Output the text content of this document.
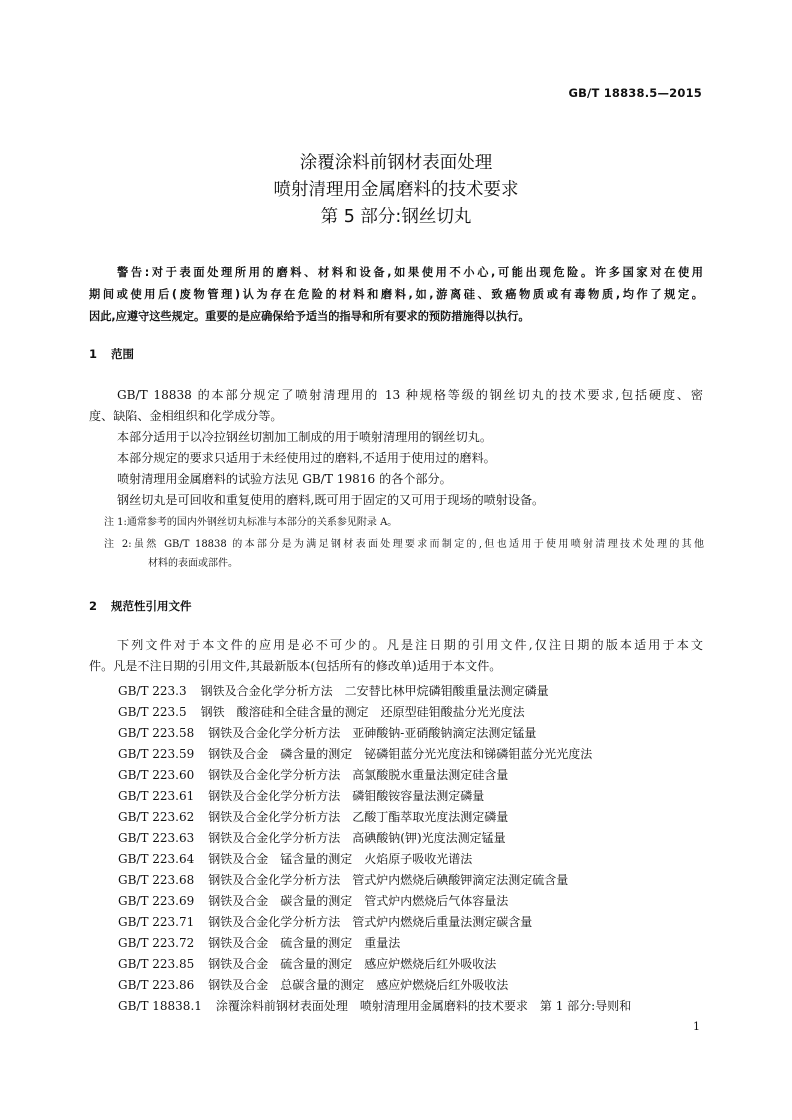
GB/T 18838.5—2015
涂覆涂料前钢材表面处理
喷射清理用金属磨料的技术要求
第 5 部分:钢丝切丸
警告:对于表面处理所用的磨料、材料和设备,如果使用不小心,可能出现危险。许多国家对在使用
期间或使用后(废物管理)认为存在危险的材料和磨料,如,游离硅、致癌物质或有毒物质,均作了规定。
因此,应遵守这些规定。重要的是应确保给予适当的指导和所有要求的预防措施得以执行。
1 范围
GB/T 18838 的本部分规定了喷射清理用的 13 种规格等级的钢丝切丸的技术要求,包括硬度、密
度、缺陷、金相组织和化学成分等。
本部分适用于以冷拉钢丝切割加工制成的用于喷射清理用的钢丝切丸。
本部分规定的要求只适用于未经使用过的磨料,不适用于使用过的磨料。
喷射清理用金属磨料的试验方法见 GB/T 19816 的各个部分。
钢丝切丸是可回收和重复使用的磨料,既可用于固定的又可用于现场的喷射设备。
注 1:通常参考的国内外钢丝切丸标准与本部分的关系参见附录 A。
注 2:虽然 GB/T 18838 的本部分是为满足钢材表面处理要求而制定的,但也适用于使用喷射清理技术处理的其他
材料的表面或部件。
2 规范性引用文件
下列文件对于本文件的应用是必不可少的。凡是注日期的引用文件,仅注日期的版本适用于本文
件。凡是不注日期的引用文件,其最新版本(包括所有的修改单)适用于本文件。
GB/T 223.3 钢铁及合金化学分析方法　二安替比林甲烷磷钼酸重量法测定磷量
GB/T 223.5 钢铁　酸溶硅和全硅含量的测定　还原型硅钼酸盐分光光度法
GB/T 223.58 钢铁及合金化学分析方法　亚砷酸钠-亚硝酸钠滴定法测定锰量
GB/T 223.59 钢铁及合金　磷含量的测定　铋磷钼蓝分光光度法和锑磷钼蓝分光光度法
GB/T 223.60 钢铁及合金化学分析方法　高氯酸脱水重量法测定硅含量
GB/T 223.61 钢铁及合金化学分析方法　磷钼酸铵容量法测定磷量
GB/T 223.62 钢铁及合金化学分析方法　乙酸丁酯萃取光度法测定磷量
GB/T 223.63 钢铁及合金化学分析方法　高碘酸钠(钾)光度法测定锰量
GB/T 223.64 钢铁及合金　锰含量的测定　火焰原子吸收光谱法
GB/T 223.68 钢铁及合金化学分析方法　管式炉内燃烧后碘酸钾滴定法测定硫含量
GB/T 223.69 钢铁及合金　碳含量的测定　管式炉内燃烧后气体容量法
GB/T 223.71 钢铁及合金化学分析方法　管式炉内燃烧后重量法测定碳含量
GB/T 223.72 钢铁及合金　硫含量的测定　重量法
GB/T 223.85 钢铁及合金　硫含量的测定　感应炉燃烧后红外吸收法
GB/T 223.86 钢铁及合金　总碳含量的测定　感应炉燃烧后红外吸收法
GB/T 18838.1 涂覆涂料前钢材表面处理　喷射清理用金属磨料的技术要求　第 1 部分:导则和
1
